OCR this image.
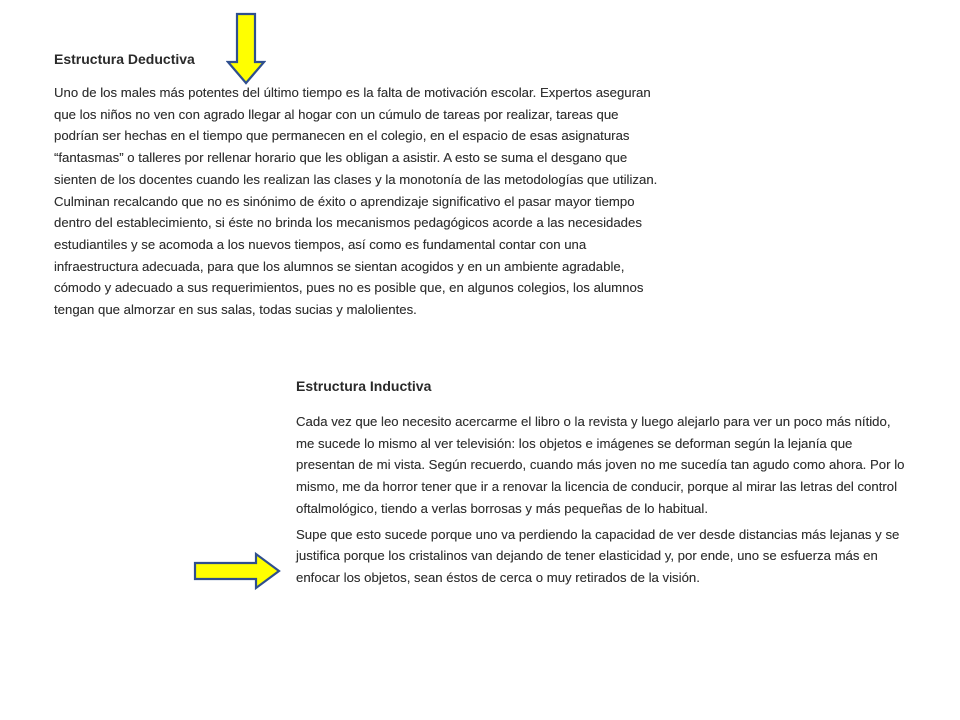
Estructura Deductiva

Uno de los males más potentes del último tiempo es la falta de motivación escolar. Expertos aseguran que los niños no ven con agrado llegar al hogar con un cúmulo de tareas por realizar, tareas que podrían ser hechas en el tiempo que permanecen en el colegio, en el espacio de esas asignaturas “fantasmas” o talleres por rellenar horario que les obligan a asistir. A esto se suma el desgano que sienten de los docentes cuando les realizan las clases y la monotonía de las metodologías que utilizan. Culminan recalcando que no es sinónimo de éxito o aprendizaje significativo el pasar mayor tiempo dentro del establecimiento, si éste no brinda los mecanismos pedagógicos acorde a las necesidades estudiantiles y se acomoda a los nuevos tiempos, así como es fundamental contar con una infraestructura adecuada, para que los alumnos se sientan acogidos y en un ambiente agradable, cómodo y adecuado a sus requerimientos, pues no es posible que, en algunos colegios, los alumnos tengan que almorzar en sus salas, todas sucias y malolientes.

Estructura Inductiva

Cada vez que leo necesito acercarme el libro o la revista y luego alejarlo para ver un poco más nítido, me sucede lo mismo al ver televisión: los objetos e imágenes se deforman según la lejanía que presentan de mi vista. Según recuerdo, cuando más joven no me sucedía tan agudo como ahora. Por lo mismo, me da horror tener que ir a renovar la licencia de conducir, porque al mirar las letras del control oftalmológico, tiendo a verlas borrosas y más pequeñas de lo habitual.

Supe que esto sucede porque uno va perdiendo la capacidad de ver desde distancias más lejanas y se justifica porque los cristalinos van dejando de tener elasticidad y, por ende, uno se esfuerza más en enfocar los objetos, sean éstos de cerca o muy retirados de la visión.
